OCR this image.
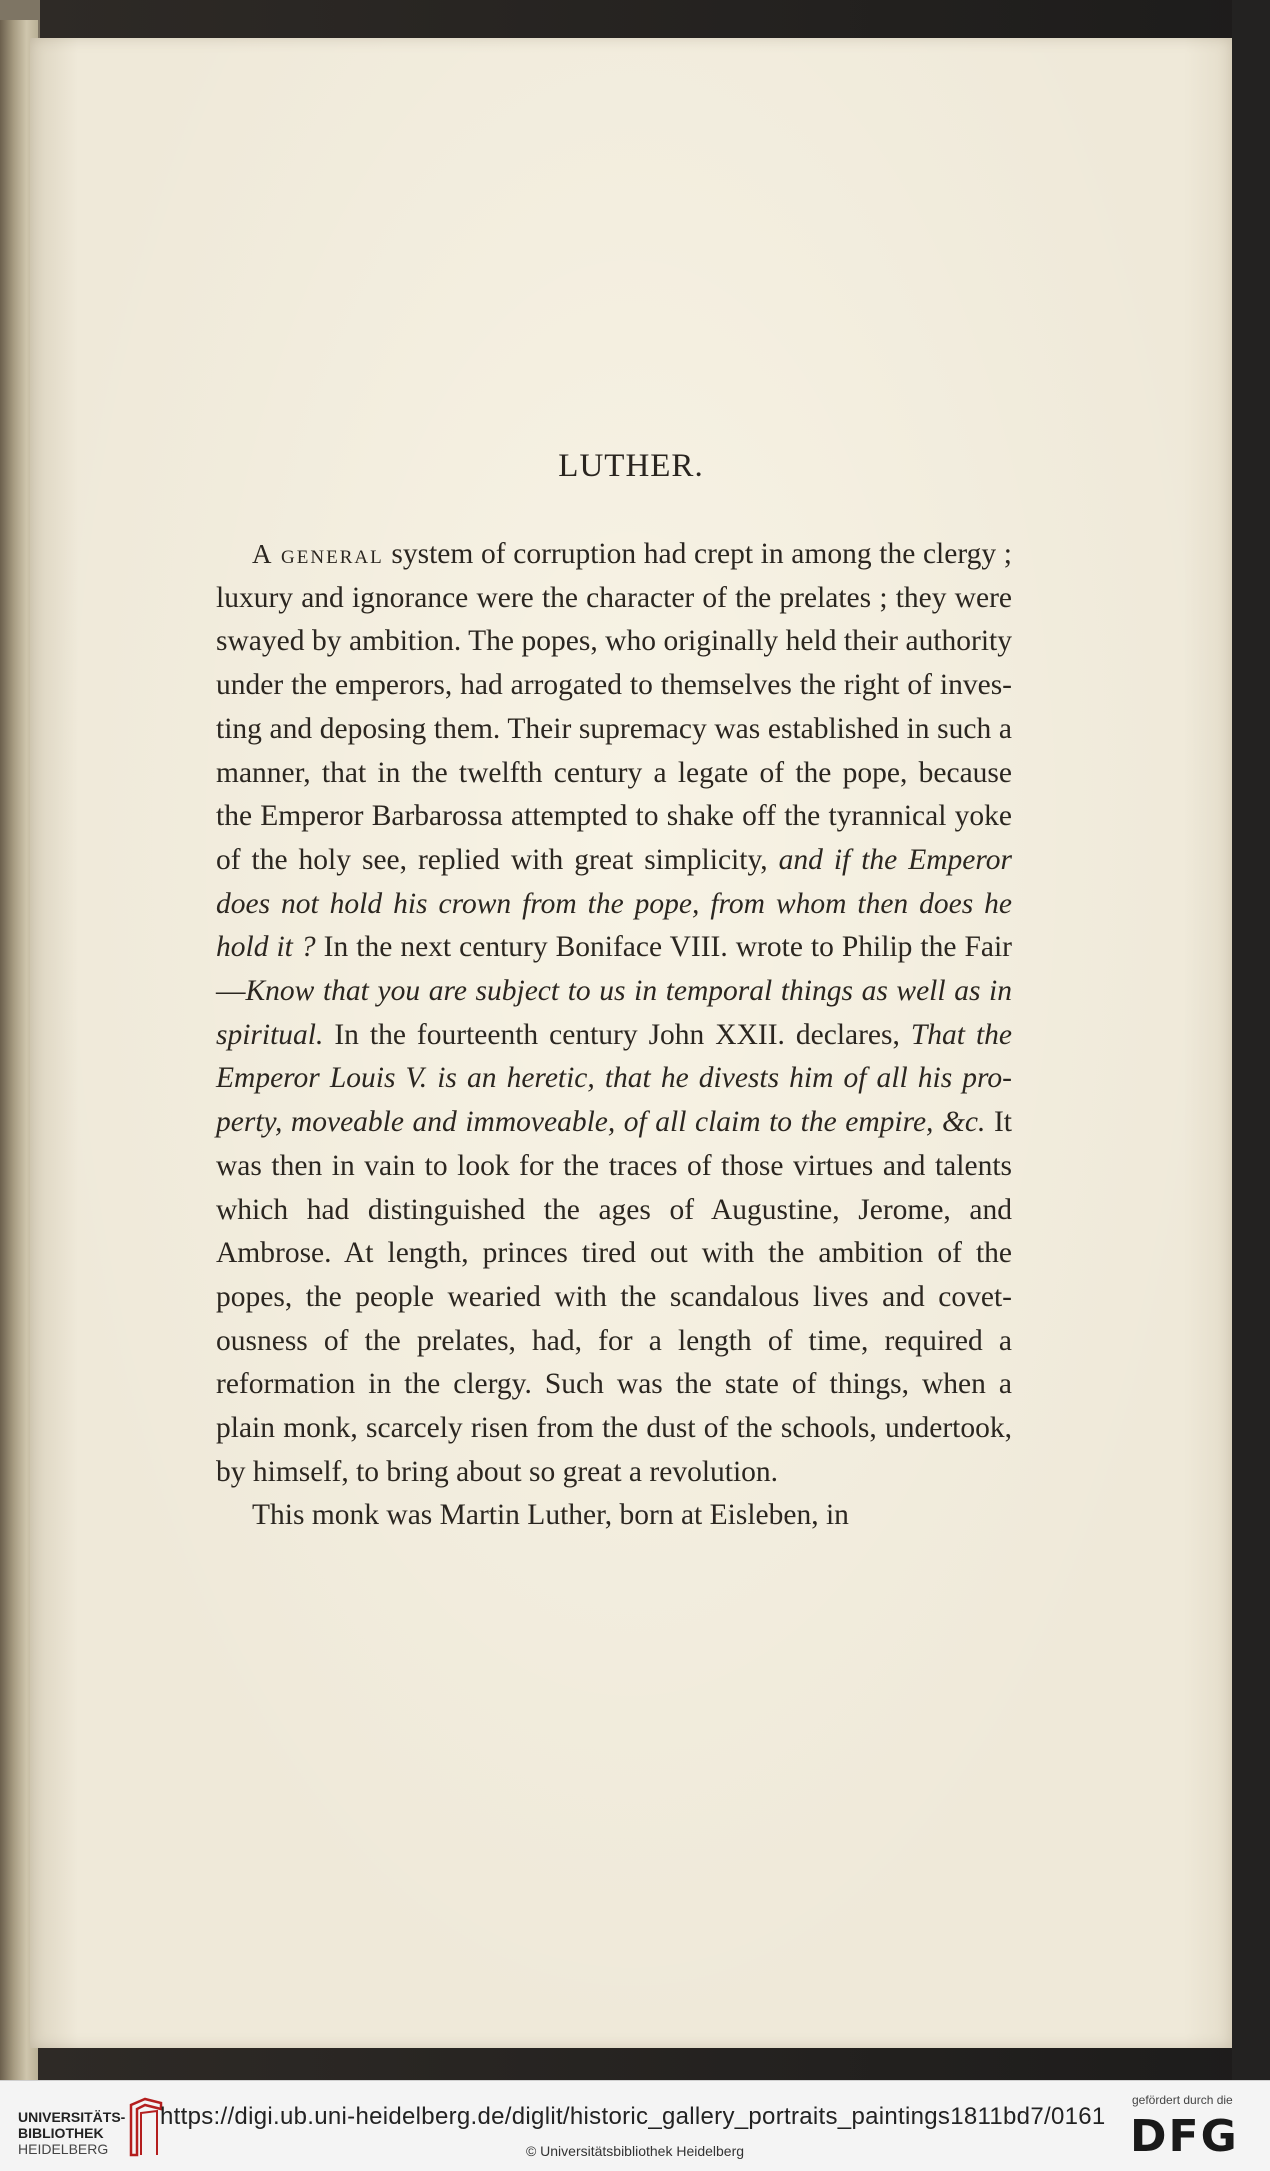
LUTHER.

A general system of corruption had crept in among the clergy ; luxury and ignorance were the character of the prelates ; they were swayed by ambition. The popes, who originally held their authority under the emperors, had arrogated to themselves the right of investing and deposing them. Their supremacy was established in such a manner, that in the twelfth century a legate of the pope, because the Emperor Barbarossa attempted to shake off the tyrannical yoke of the holy see, replied with great simplicity, and if the Emperor does not hold his crown from the pope, from whom then does he hold it ? In the next century Boniface VIII. wrote to Philip the Fair—Know that you are subject to us in temporal things as well as in spiritual. In the fourteenth century John XXII. declares, That the Emperor Louis V. is an heretic, that he divests him of all his property, moveable and immoveable, of all claim to the empire, &c. It was then in vain to look for the traces of those virtues and talents which had distinguished the ages of Augustine, Jerome, and Ambrose. At length, princes tired out with the ambition of the popes, the people wearied with the scandalous lives and covetousness of the prelates, had, for a length of time, required a reformation in the clergy. Such was the state of things, when a plain monk, scarcely risen from the dust of the schools, undertook, by himself, to bring about so great a revolution.

This monk was Martin Luther, born at Eisleben, in

UNIVERSITÄTS-
BIBLIOTHEK
HEIDELBERG
https://digi.ub.uni-heidelberg.de/diglit/historic_gallery_portraits_paintings1811bd7/0161
© Universitätsbibliothek Heidelberg
gefördert durch die
DFG
